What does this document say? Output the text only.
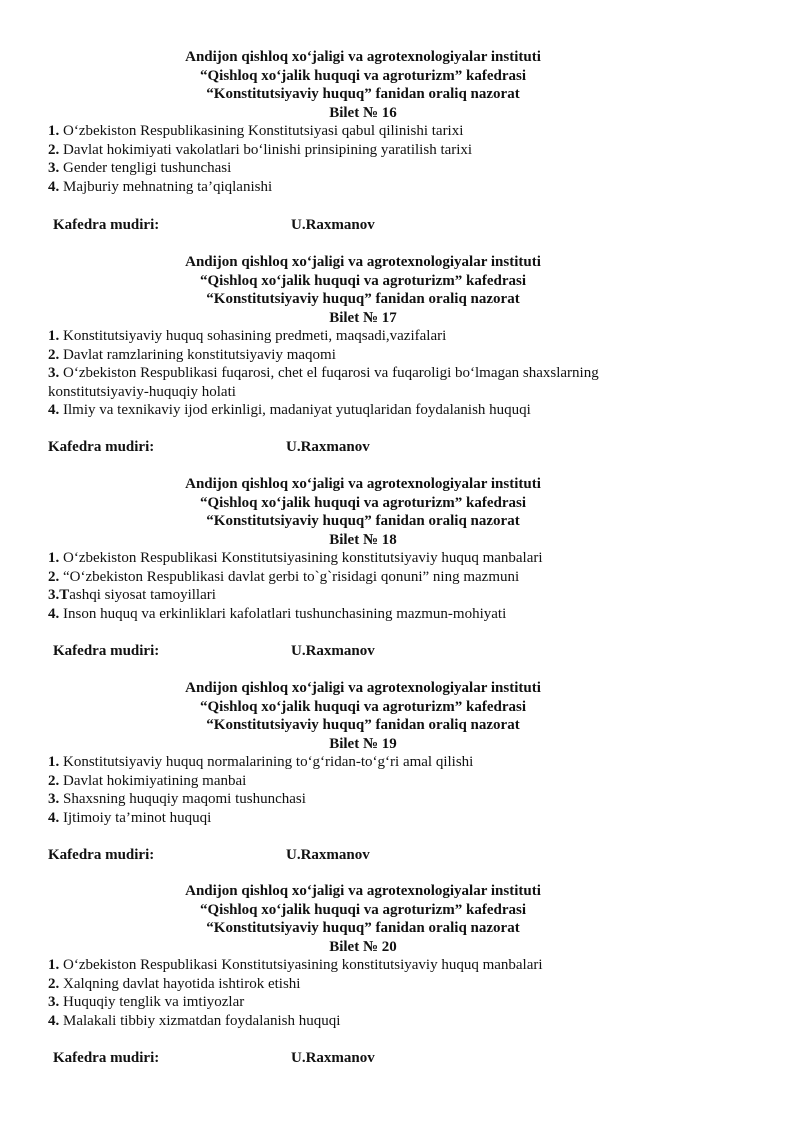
Andijon qishloq xo‘jaligi va agrotexnologiyalar instituti
“Qishloq xo‘jalik huquqi va agroturizm” kafedrasi
“Konstitutsiyaviy huquq” fanidan oraliq nazorat
Bilet № 16
1. O‘zbekiston Respublikasining Konstitutsiyasi qabul qilinishi tarixi
2. Davlat hokimiyati vakolatlari bo‘linishi prinsipining yaratilish tarixi
3. Gender tengligi tushunchasi
4. Majburiy mehnatning ta’qiqlanishi
Kafedra mudiri:	U.Raxmanov
Andijon qishloq xo‘jaligi va agrotexnologiyalar instituti
“Qishloq xo‘jalik huquqi va agroturizm” kafedrasi
“Konstitutsiyaviy huquq” fanidan oraliq nazorat
Bilet № 17
1. Konstitutsiyaviy huquq sohasining predmeti, maqsadi,vazifalari
2. Davlat ramzlarining konstitutsiyaviy maqomi
3. O‘zbekiston Respublikasi fuqarosi, chet el fuqarosi va fuqaroligi bo‘lmagan shaxslarning konstitutsiyaviy-huquqiy holati
4. Ilmiy va texnikaviy ijod erkinligi, madaniyat yutuqlaridan foydalanish huquqi
Kafedra mudiri:	U.Raxmanov
Andijon qishloq xo‘jaligi va agrotexnologiyalar instituti
“Qishloq xo‘jalik huquqi va agroturizm” kafedrasi
“Konstitutsiyaviy huquq” fanidan oraliq nazorat
Bilet № 18
1. O‘zbekiston Respublikasi Konstitutsiyasining konstitutsiyaviy huquq manbalari
2. “O‘zbekiston Respublikasi davlat gerbi to`g`risidagi qonuni” ning mazmuni
3.Tashqi siyosat tamoyillari
4. Inson huquq va erkinliklari kafolatlari tushunchasining mazmun-mohiyati
Kafedra mudiri:	U.Raxmanov
Andijon qishloq xo‘jaligi va agrotexnologiyalar instituti
“Qishloq xo‘jalik huquqi va agroturizm” kafedrasi
“Konstitutsiyaviy huquq” fanidan oraliq nazorat
Bilet № 19
1. Konstitutsiyaviy huquq normalarining to‘g‘ridan-to‘g‘ri amal qilishi
2. Davlat hokimiyatining manbai
3. Shaxsning huquqiy maqomi tushunchasi
4. Ijtimoiy ta’minot huquqi
Kafedra mudiri:	U.Raxmanov
Andijon qishloq xo‘jaligi va agrotexnologiyalar instituti
“Qishloq xo‘jalik huquqi va agroturizm” kafedrasi
“Konstitutsiyaviy huquq” fanidan oraliq nazorat
Bilet № 20
1. O‘zbekiston Respublikasi Konstitutsiyasining konstitutsiyaviy huquq manbalari
2. Xalqning davlat hayotida ishtirok etishi
3. Huquqiy tenglik va imtiyozlar
4. Malakali tibbiy xizmatdan foydalanish huquqi
Kafedra mudiri:	U.Raxmanov
